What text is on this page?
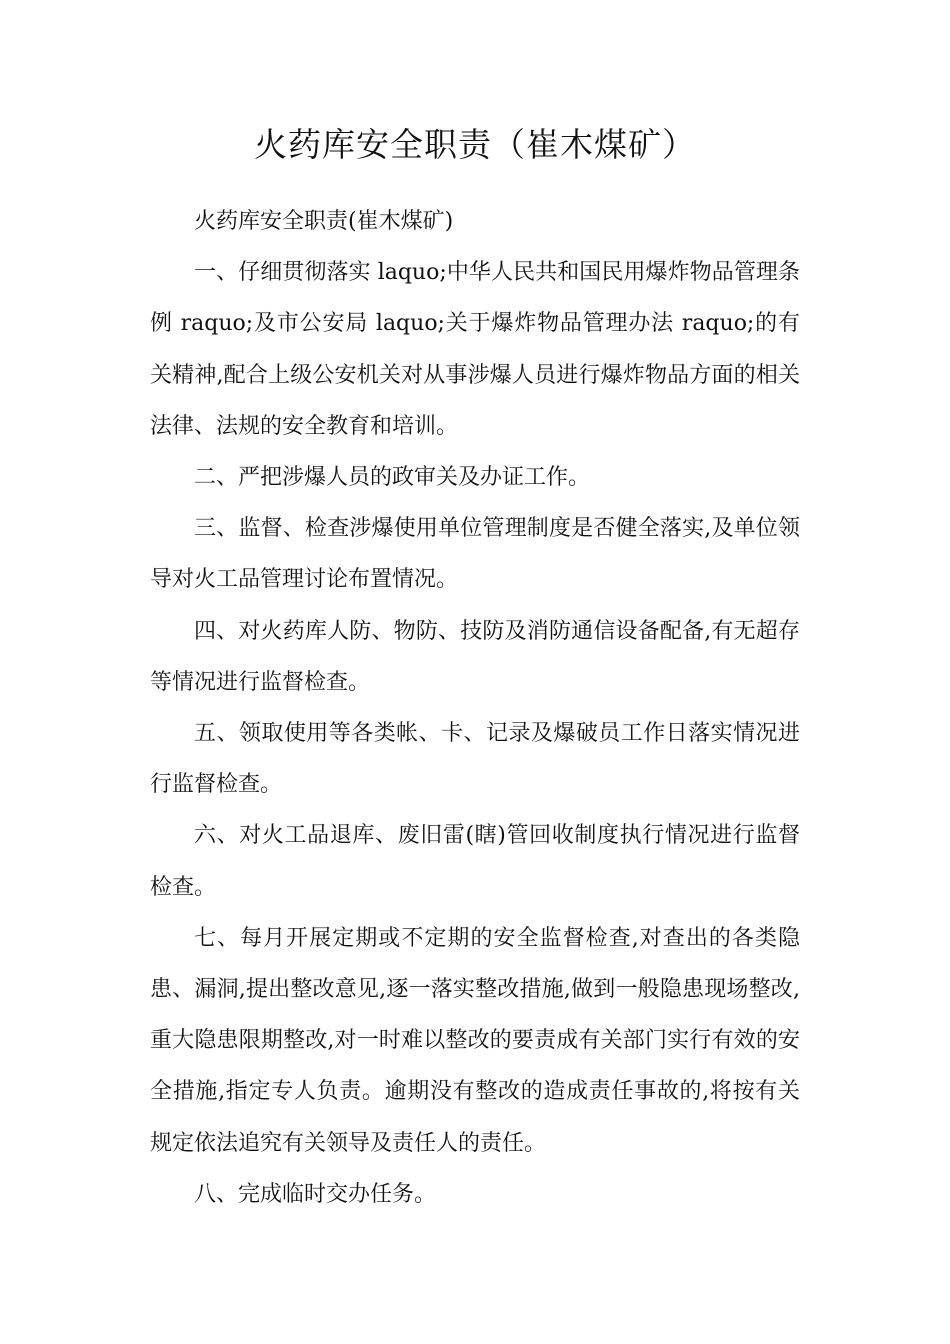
火药库安全职责（崔木煤矿）

火药库安全职责(崔木煤矿)

一、仔细贯彻落实 laquo;中华人民共和国民用爆炸物品管理条例 raquo;及市公安局 laquo;关于爆炸物品管理办法 raquo;的有关精神,配合上级公安机关对从事涉爆人员进行爆炸物品方面的相关法律、法规的安全教育和培训。

二、严把涉爆人员的政审关及办证工作。

三、监督、检查涉爆使用单位管理制度是否健全落实,及单位领导对火工品管理讨论布置情况。

四、对火药库人防、物防、技防及消防通信设备配备,有无超存等情况进行监督检查。

五、领取使用等各类帐、卡、记录及爆破员工作日落实情况进行监督检查。

六、对火工品退库、废旧雷(瞎)管回收制度执行情况进行监督检查。

七、每月开展定期或不定期的安全监督检查,对查出的各类隐患、漏洞,提出整改意见,逐一落实整改措施,做到一般隐患现场整改,重大隐患限期整改,对一时难以整改的要责成有关部门实行有效的安全措施,指定专人负责。逾期没有整改的造成责任事故的,将按有关规定依法追究有关领导及责任人的责任。

八、完成临时交办任务。
